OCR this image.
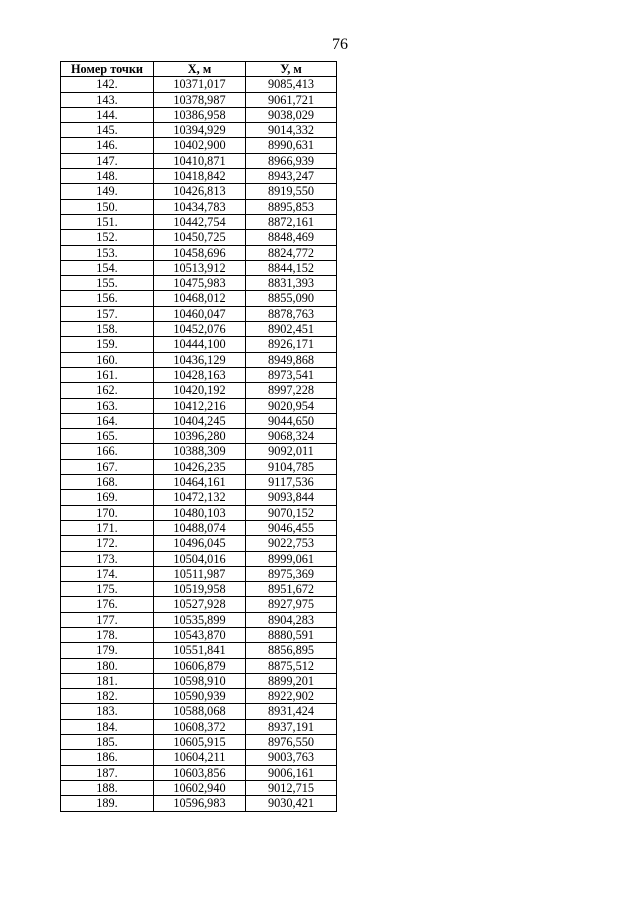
76
Номер точки	X, м	У, м
142.	10371,017	9085,413
143.	10378,987	9061,721
144.	10386,958	9038,029
145.	10394,929	9014,332
146.	10402,900	8990,631
147.	10410,871	8966,939
148.	10418,842	8943,247
149.	10426,813	8919,550
150.	10434,783	8895,853
151.	10442,754	8872,161
152.	10450,725	8848,469
153.	10458,696	8824,772
154.	10513,912	8844,152
155.	10475,983	8831,393
156.	10468,012	8855,090
157.	10460,047	8878,763
158.	10452,076	8902,451
159.	10444,100	8926,171
160.	10436,129	8949,868
161.	10428,163	8973,541
162.	10420,192	8997,228
163.	10412,216	9020,954
164.	10404,245	9044,650
165.	10396,280	9068,324
166.	10388,309	9092,011
167.	10426,235	9104,785
168.	10464,161	9117,536
169.	10472,132	9093,844
170.	10480,103	9070,152
171.	10488,074	9046,455
172.	10496,045	9022,753
173.	10504,016	8999,061
174.	10511,987	8975,369
175.	10519,958	8951,672
176.	10527,928	8927,975
177.	10535,899	8904,283
178.	10543,870	8880,591
179.	10551,841	8856,895
180.	10606,879	8875,512
181.	10598,910	8899,201
182.	10590,939	8922,902
183.	10588,068	8931,424
184.	10608,372	8937,191
185.	10605,915	8976,550
186.	10604,211	9003,763
187.	10603,856	9006,161
188.	10602,940	9012,715
189.	10596,983	9030,421
